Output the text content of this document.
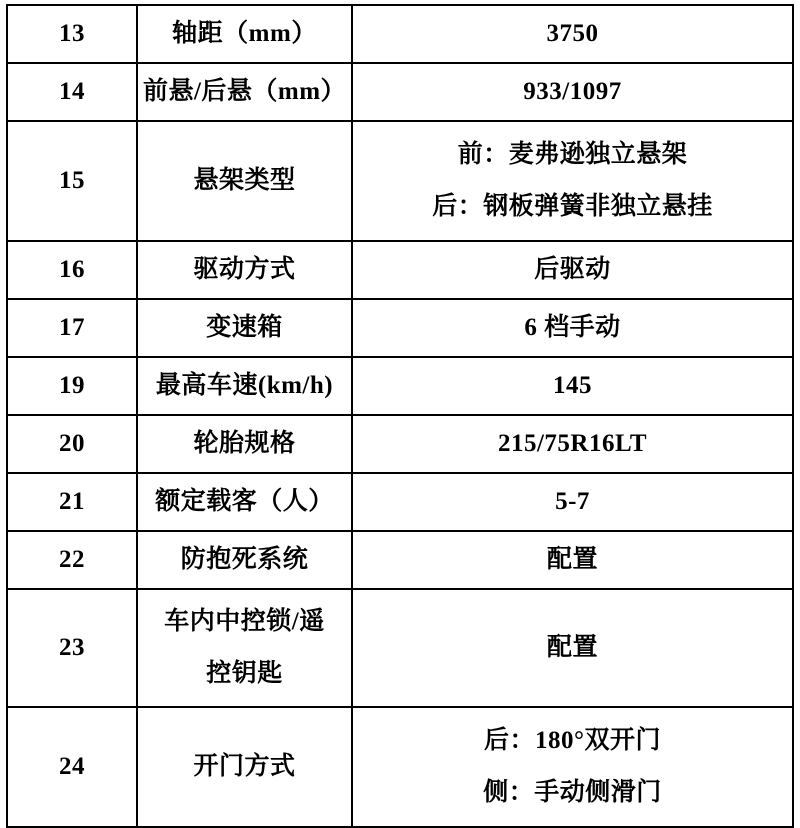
13	轴距（mm）	3750

14	前悬/后悬（mm）	933/1097

15	悬架类型	前：麦弗逊独立悬架
后：钢板弹簧非独立悬挂

16	驱动方式	后驱动

17	变速箱	6 档手动

19	最高车速(km/h)	145

20	轮胎规格	215/75R16LT

21	额定载客（人）	5-7

22	防抱死系统	配置

23	车内中控锁/遥
控钥匙	配置

24	开门方式	后：180°双开门
侧：手动侧滑门
